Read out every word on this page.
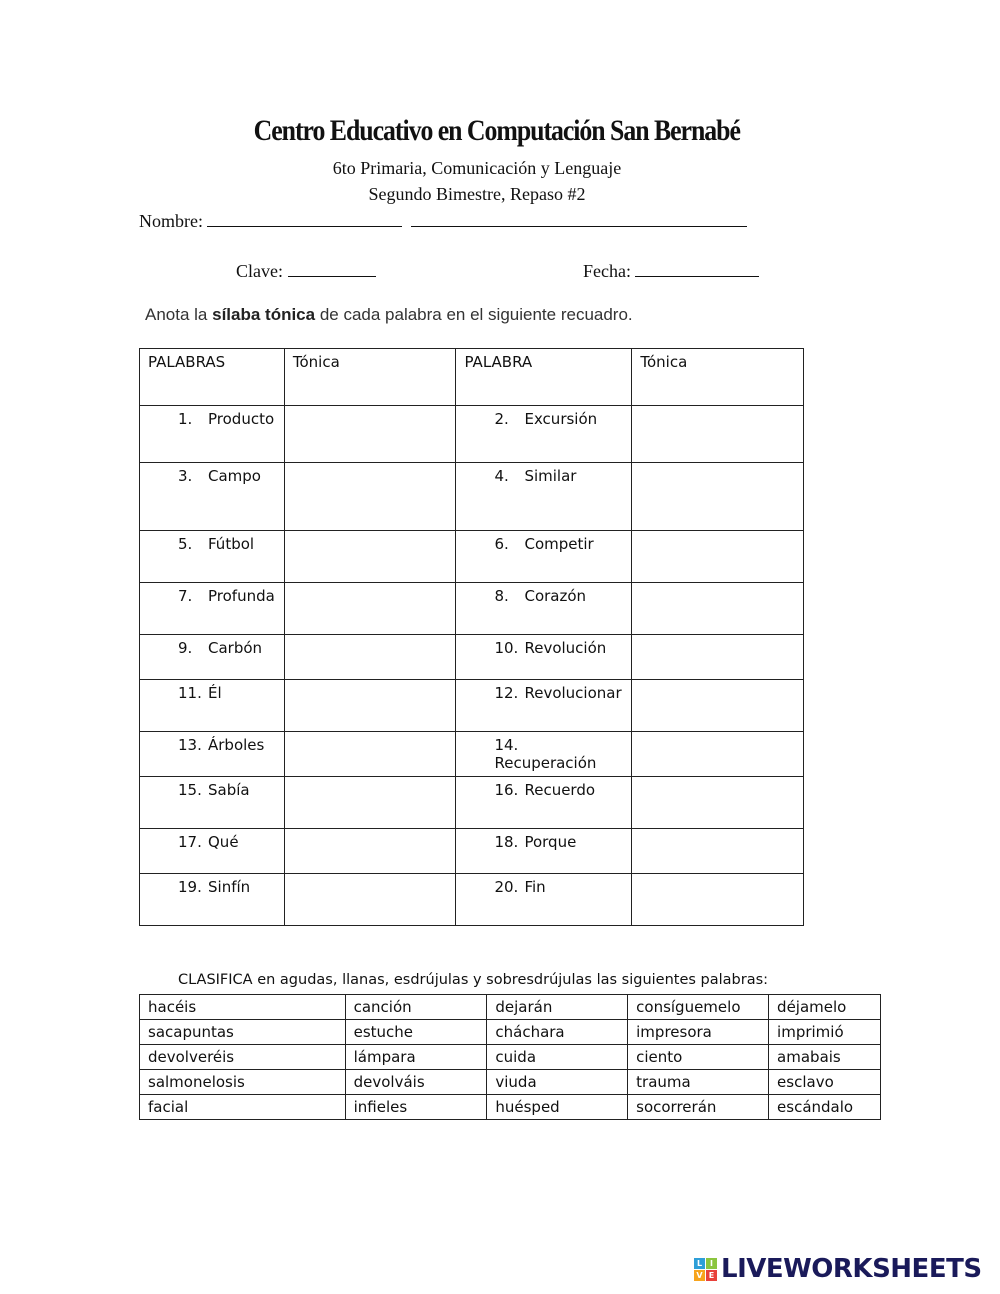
Centro Educativo en Computación San Bernabé
6to Primaria, Comunicación y Lenguaje
Segundo Bimestre, Repaso #2
Nombre:
Clave:	Fecha:
Anota la sílaba tónica de cada palabra en el siguiente recuadro.
PALABRAS	Tónica	PALABRA	Tónica
1. Producto		2. Excursión	
3. Campo		4. Similar	
5. Fútbol		6. Competir	
7. Profunda		8. Corazón	
9. Carbón		10. Revolución	
11. Él		12. Revolucionar	
13. Árboles		14.Recuperación	
15. Sabía		16. Recuerdo	
17. Qué		18. Porque	
19. Sinfín		20. Fin	
CLASIFICA en agudas, llanas, esdrújulas y sobresdrújulas las siguientes palabras:
hacéis	canción	dejarán	consíguemelo	déjamelo
sacapuntas	estuche	cháchara	impresora	imprimió
devolveréis	lámpara	cuida	ciento	amabais
salmonelosis	devolváis	viuda	trauma	esclavo
facial	infieles	huésped	socorrerán	escándalo
L I
V E LIVEWORKSHEETS
